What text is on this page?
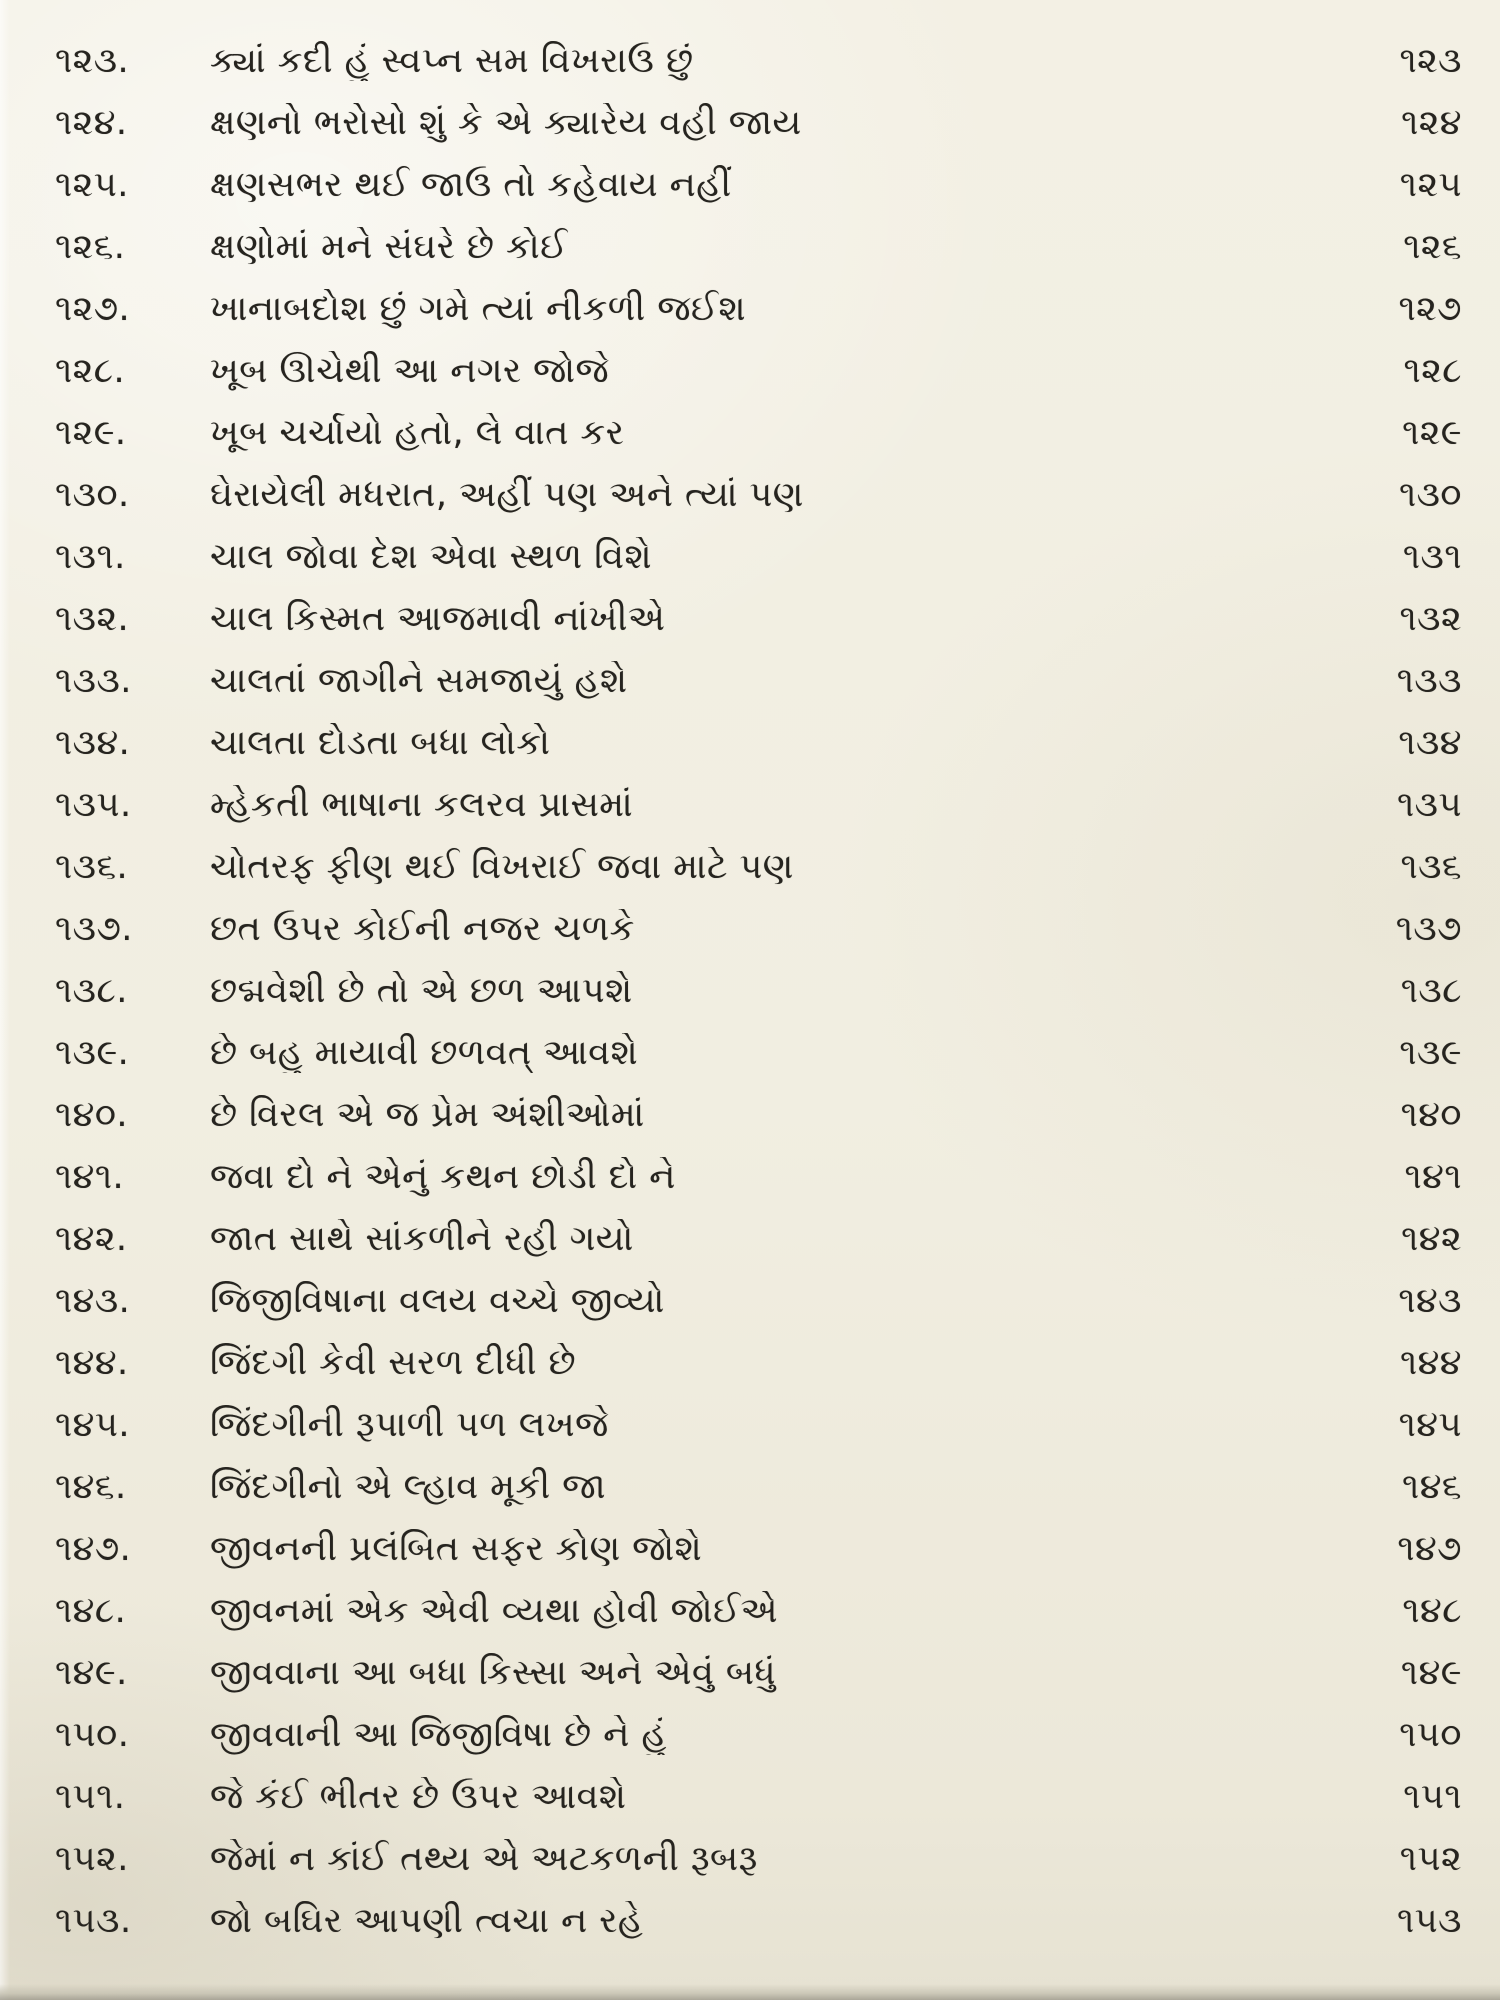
૧૨૩.	ક્યાં કદી હું સ્વપ્ન સમ વિખરાઉં છું	૧૨૩
૧૨૪.	ક્ષણનો ભરોસો શું કે એ ક્યારેય વહી જાય	૧૨૪
૧૨૫.	ક્ષણસભર થઈ જાઉં તો કહેવાય નહીં	૧૨૫
૧૨૬.	ક્ષણોમાં મને સંઘરે છે કોઈ	૧૨૬
૧૨૭.	ખાનાબદોશ છું ગમે ત્યાં નીકળી જઈશ	૧૨૭
૧૨૮.	ખૂબ ઊંચેથી આ નગર જોજે	૧૨૮
૧૨૯.	ખૂબ ચર્ચાયો હતો, લે વાત કર	૧૨૯
૧૩૦.	ઘેરાયેલી મધરાત, અહીં પણ અને ત્યાં પણ	૧૩૦
૧૩૧.	ચાલ જોવા દેશ એવા સ્થળ વિશે	૧૩૧
૧૩૨.	ચાલ કિસ્મત આજમાવી નાંખીએ	૧૩૨
૧૩૩.	ચાલતાં જાગીને સમજાયું હશે	૧૩૩
૧૩૪.	ચાલતા દોડતા બધા લોકો	૧૩૪
૧૩૫.	મ્હેકતી ભાષાના કલરવ પ્રાસમાં	૧૩૫
૧૩૬.	ચોતરફ ફીણ થઈ વિખરાઈ જવા માટે પણ	૧૩૬
૧૩૭.	છત ઉપર કોઈની નજર ચળકે	૧૩૭
૧૩૮.	છદ્મવેશી છે તો એ છળ આપશે	૧૩૮
૧૩૯.	છે બહુ માયાવી છળવત્ આવશે	૧૩૯
૧૪૦.	છે વિરલ એ જ પ્રેમ અંશીઓમાં	૧૪૦
૧૪૧.	જવા દો ને એનું કથન છોડી દો ને	૧૪૧
૧૪૨.	જાત સાથે સાંકળીને રહી ગયો	૧૪૨
૧૪૩.	જિજીવિષાના વલય વચ્ચે જીવ્યો	૧૪૩
૧૪૪.	જિંદગી કેવી સરળ દીધી છે	૧૪૪
૧૪૫.	જિંદગીની રૂપાળી પળ લખજે	૧૪૫
૧૪૬.	જિંદગીનો એ લ્હાવ મૂકી જા	૧૪૬
૧૪૭.	જીવનની પ્રલંબિત સફર કોણ જોશે	૧૪૭
૧૪૮.	જીવનમાં એક એવી વ્યથા હોવી જોઈએ	૧૪૮
૧૪૯.	જીવવાના આ બધા કિસ્સા અને એવું બધું	૧૪૯
૧૫૦.	જીવવાની આ જિજીવિષા છે ને હું	૧૫૦
૧૫૧.	જે કંઈ ભીતર છે ઉપર આવશે	૧૫૧
૧૫૨.	જેમાં ન કાંઈ તથ્ય એ અટકળની રૂબરૂ	૧૫૨
૧૫૩.	જો બઘિર આપણી ત્વચા ન રહે	૧૫૩
